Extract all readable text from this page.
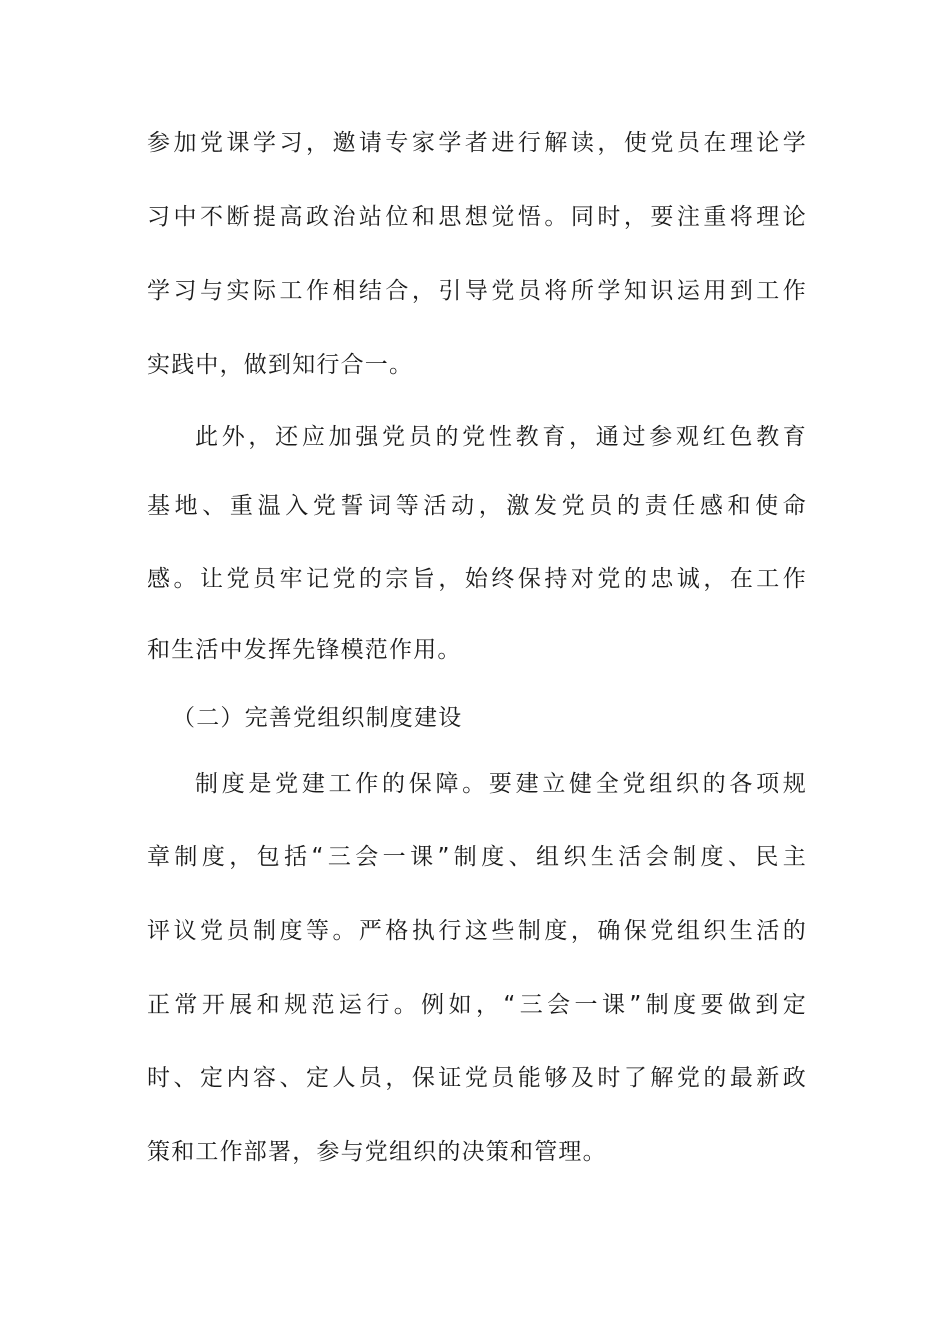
参加党课学习，邀请专家学者进行解读，使党员在理论学
习中不断提高政治站位和思想觉悟。同时，要注重将理论
学习与实际工作相结合，引导党员将所学知识运用到工作
实践中，做到知行合一。
此外，还应加强党员的党性教育，通过参观红色教育
基地、重温入党誓词等活动，激发党员的责任感和使命
感。让党员牢记党的宗旨，始终保持对党的忠诚，在工作
和生活中发挥先锋模范作用。
（二）完善党组织制度建设
制度是党建工作的保障。要建立健全党组织的各项规
章制度，包括“三会一课”制度、组织生活会制度、民主
评议党员制度等。严格执行这些制度，确保党组织生活的
正常开展和规范运行。例如，“三会一课”制度要做到定
时、定内容、定人员，保证党员能够及时了解党的最新政
策和工作部署，参与党组织的决策和管理。
